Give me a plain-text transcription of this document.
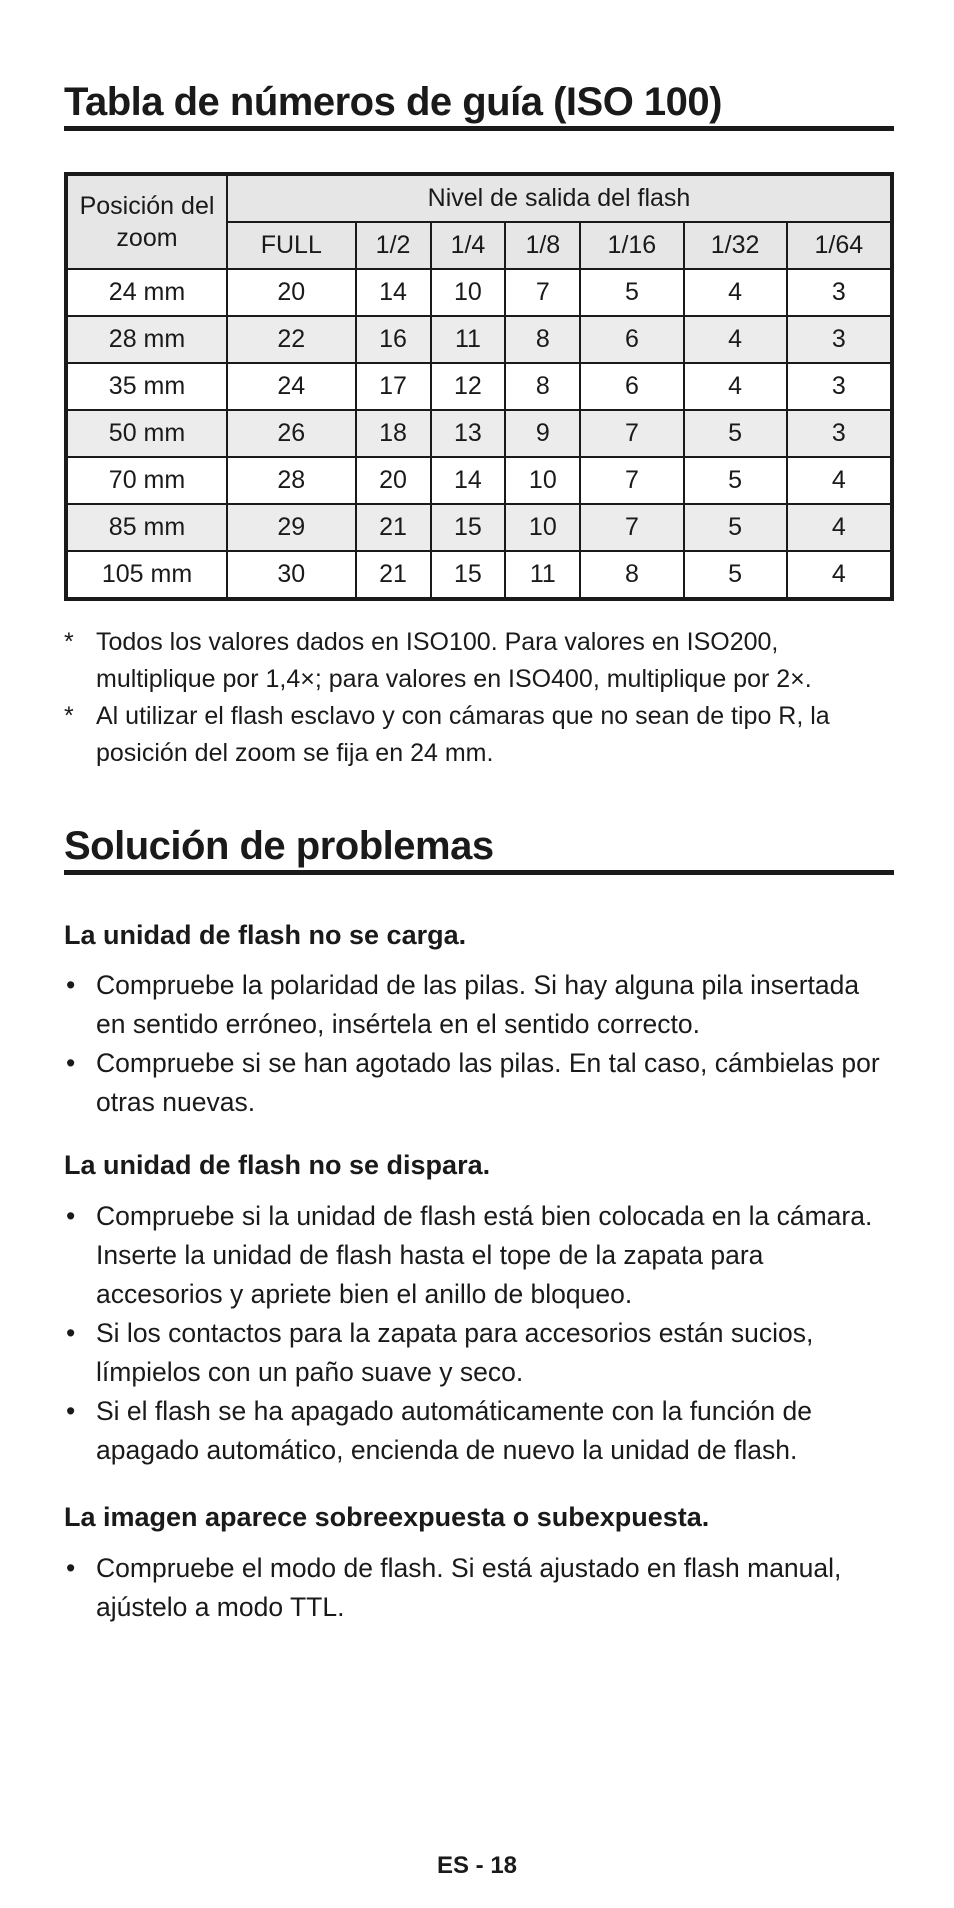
Tabla de números de guía (ISO 100)
Posición del zoom	Nivel de salida del flash						
	FULL	1/2	1/4	1/8	1/16	1/32	1/64
24 mm	20	14	10	7	5	4	3
28 mm	22	16	11	8	6	4	3
35 mm	24	17	12	8	6	4	3
50 mm	26	18	13	9	7	5	3
70 mm	28	20	14	10	7	5	4
85 mm	29	21	15	10	7	5	4
105 mm	30	21	15	11	8	5	4
* Todos los valores dados en ISO100. Para valores en ISO200, multiplique por 1,4×; para valores en ISO400, multiplique por 2×.
* Al utilizar el flash esclavo y con cámaras que no sean de tipo R, la posición del zoom se fija en 24 mm.
Solución de problemas
La unidad de flash no se carga.
• Compruebe la polaridad de las pilas. Si hay alguna pila insertada en sentido erróneo, insértela en el sentido correcto.
• Compruebe si se han agotado las pilas. En tal caso, cámbielas por otras nuevas.
La unidad de flash no se dispara.
• Compruebe si la unidad de flash está bien colocada en la cámara. Inserte la unidad de flash hasta el tope de la zapata para accesorios y apriete bien el anillo de bloqueo.
• Si los contactos para la zapata para accesorios están sucios, límpielos con un paño suave y seco.
• Si el flash se ha apagado automáticamente con la función de apagado automático, encienda de nuevo la unidad de flash.
La imagen aparece sobreexpuesta o subexpuesta.
• Compruebe el modo de flash. Si está ajustado en flash manual, ajústelo a modo TTL.
ES - 18
